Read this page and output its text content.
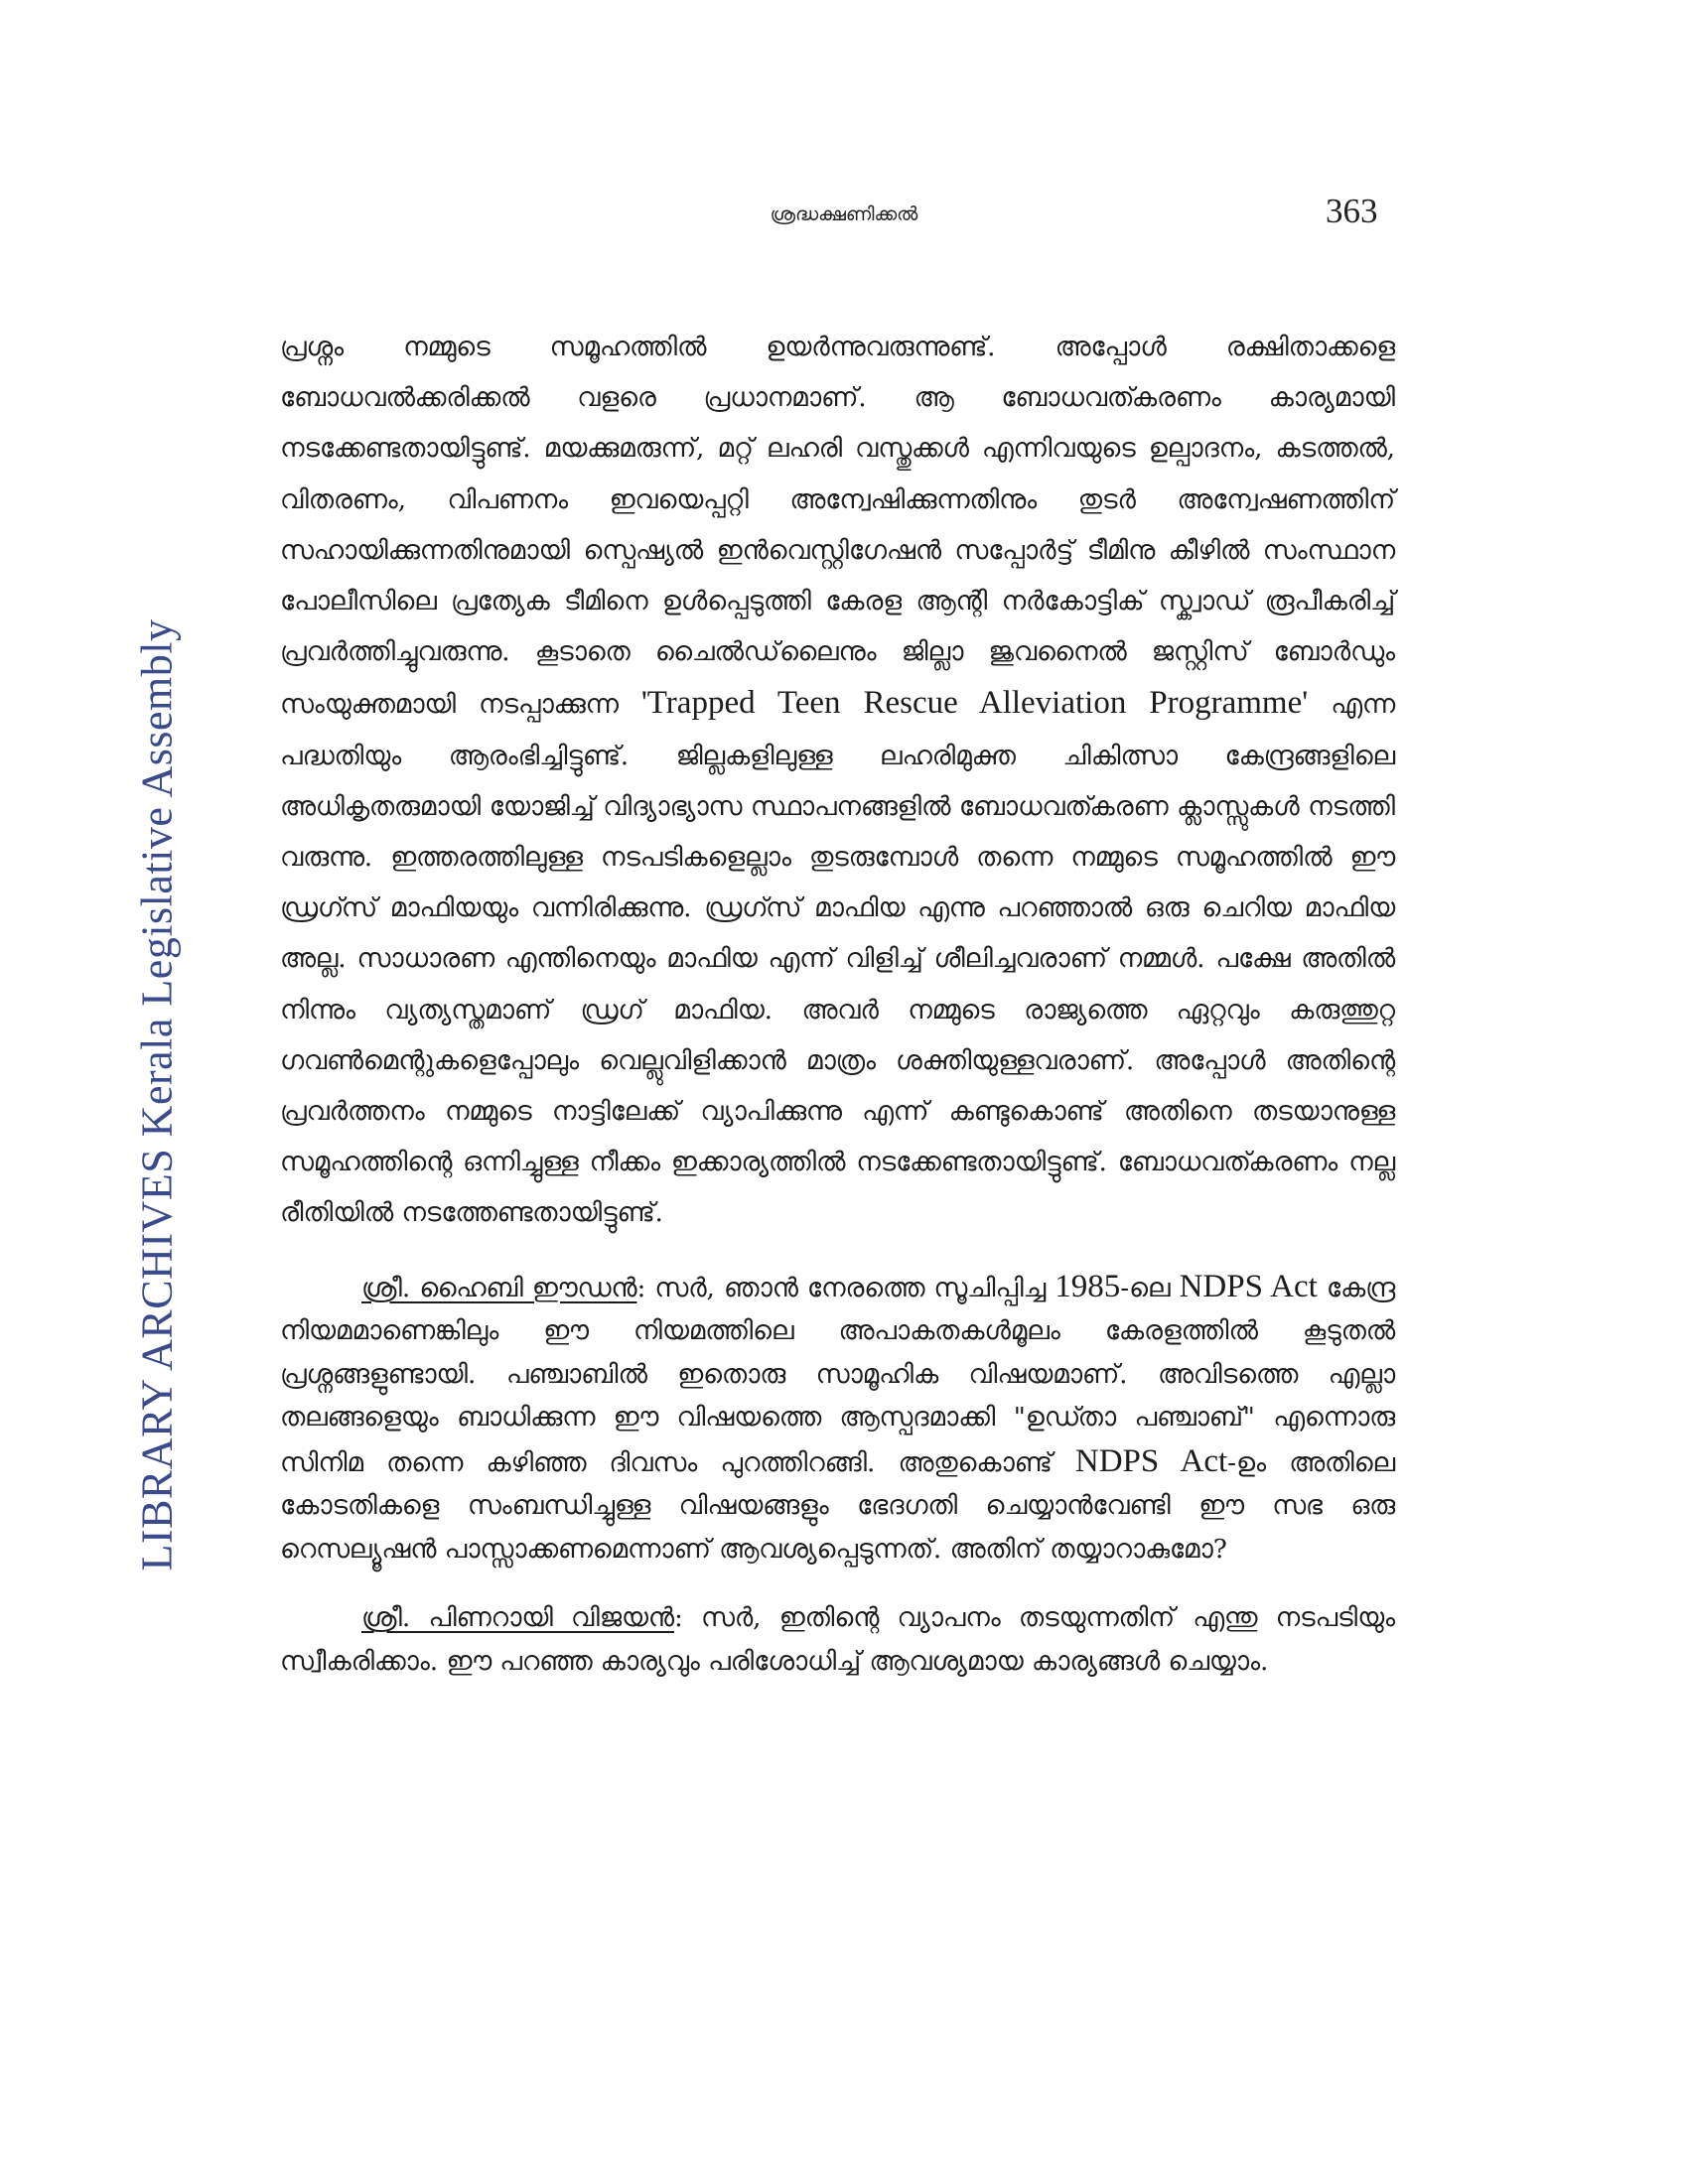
LIBRARY ARCHIVES Kerala Legislative Assembly
ശ്രദ്ധക്ഷണിക്കൽ	363

പ്രശ്നം നമ്മുടെ സമൂഹത്തിൽ ഉയർന്നുവരുന്നുണ്ട്. അപ്പോൾ രക്ഷിതാക്കളെ ബോധവൽക്കരിക്കൽ വളരെ പ്രധാനമാണ്. ആ ബോധവത്കരണം കാര്യമായി നടക്കേണ്ടതായിട്ടുണ്ട്. മയക്കുമരുന്ന്, മറ്റ് ലഹരി വസ്തുക്കൾ എന്നിവയുടെ ഉല്പാദനം, കടത്തൽ, വിതരണം, വിപണനം ഇവയെപ്പറ്റി അന്വേഷിക്കുന്നതിനും തുടർ അന്വേഷണത്തിന് സഹായിക്കുന്നതിനുമായി സ്പെഷ്യൽ ഇൻവെസ്റ്റിഗേഷൻ സപ്പോർട്ട് ടീമിനു കീഴിൽ സംസ്ഥാന പോലീസിലെ പ്രത്യേക ടീമിനെ ഉൾപ്പെടുത്തി കേരള ആന്റി നർകോട്ടിക് സ്ക്വാഡ് രൂപീകരിച്ച് പ്രവർത്തിച്ചുവരുന്നു. കൂടാതെ ചൈൽഡ്‌ലൈനും ജില്ലാ ജുവനൈൽ ജസ്റ്റിസ് ബോർഡും സംയുക്തമായി നടപ്പാക്കുന്ന 'Trapped Teen Rescue Alleviation Programme' എന്ന പദ്ധതിയും ആരംഭിച്ചിട്ടുണ്ട്. ജില്ലകളിലുള്ള ലഹരിമുക്ത ചികിത്സാ കേന്ദ്രങ്ങളിലെ അധികൃതരുമായി യോജിച്ച് വിദ്യാഭ്യാസ സ്ഥാപനങ്ങളിൽ ബോധവത്കരണ ക്ലാസ്സുകൾ നടത്തി വരുന്നു. ഇത്തരത്തിലുള്ള നടപടികളെല്ലാം തുടരുമ്പോൾ തന്നെ നമ്മുടെ സമൂഹത്തിൽ ഈ ഡ്രഗ്സ് മാഫിയയും വന്നിരിക്കുന്നു. ഡ്രഗ്സ് മാഫിയ എന്നു പറഞ്ഞാൽ ഒരു ചെറിയ മാഫിയ അല്ല. സാധാരണ എന്തിനെയും മാഫിയ എന്ന് വിളിച്ച് ശീലിച്ചവരാണ് നമ്മൾ. പക്ഷേ അതിൽ നിന്നും വ്യത്യസ്തമാണ് ഡ്രഗ് മാഫിയ. അവർ നമ്മുടെ രാജ്യത്തെ ഏറ്റവും കരുത്തുറ്റ ഗവൺമെന്റുകളെപ്പോലും വെല്ലുവിളിക്കാൻ മാത്രം ശക്തിയുള്ളവരാണ്. അപ്പോൾ അതിന്റെ പ്രവർത്തനം നമ്മുടെ നാട്ടിലേക്ക് വ്യാപിക്കുന്നു എന്ന് കണ്ടുകൊണ്ട് അതിനെ തടയാനുള്ള സമൂഹത്തിന്റെ ഒന്നിച്ചുള്ള നീക്കം ഇക്കാര്യത്തിൽ നടക്കേണ്ടതായിട്ടുണ്ട്. ബോധവത്കരണം നല്ല രീതിയിൽ നടത്തേണ്ടതായിട്ടുണ്ട്.

ശ്രീ. ഹൈബി ഈഡൻ: സർ, ഞാൻ നേരത്തെ സൂചിപ്പിച്ച 1985-ലെ NDPS Act കേന്ദ്ര നിയമമാണെങ്കിലും ഈ നിയമത്തിലെ അപാകതകൾമൂലം കേരളത്തിൽ കൂടുതൽ പ്രശ്നങ്ങളുണ്ടായി. പഞ്ചാബിൽ ഇതൊരു സാമൂഹിക വിഷയമാണ്. അവിടത്തെ എല്ലാ തലങ്ങളെയും ബാധിക്കുന്ന ഈ വിഷയത്തെ ആസ്പദമാക്കി "ഉഡ്താ പഞ്ചാബ്" എന്നൊരു സിനിമ തന്നെ കഴിഞ്ഞ ദിവസം പുറത്തിറങ്ങി. അതുകൊണ്ട് NDPS Act-ഉം അതിലെ കോടതികളെ സംബന്ധിച്ചുള്ള വിഷയങ്ങളും ഭേദഗതി ചെയ്യാൻവേണ്ടി ഈ സഭ ഒരു റെസല്യൂഷൻ പാസ്സാക്കണമെന്നാണ് ആവശ്യപ്പെടുന്നത്. അതിന് തയ്യാറാകുമോ?

ശ്രീ. പിണറായി വിജയൻ: സർ, ഇതിന്റെ വ്യാപനം തടയുന്നതിന് എന്തു നടപടിയും സ്വീകരിക്കാം. ഈ പറഞ്ഞ കാര്യവും പരിശോധിച്ച് ആവശ്യമായ കാര്യങ്ങൾ ചെയ്യാം.
